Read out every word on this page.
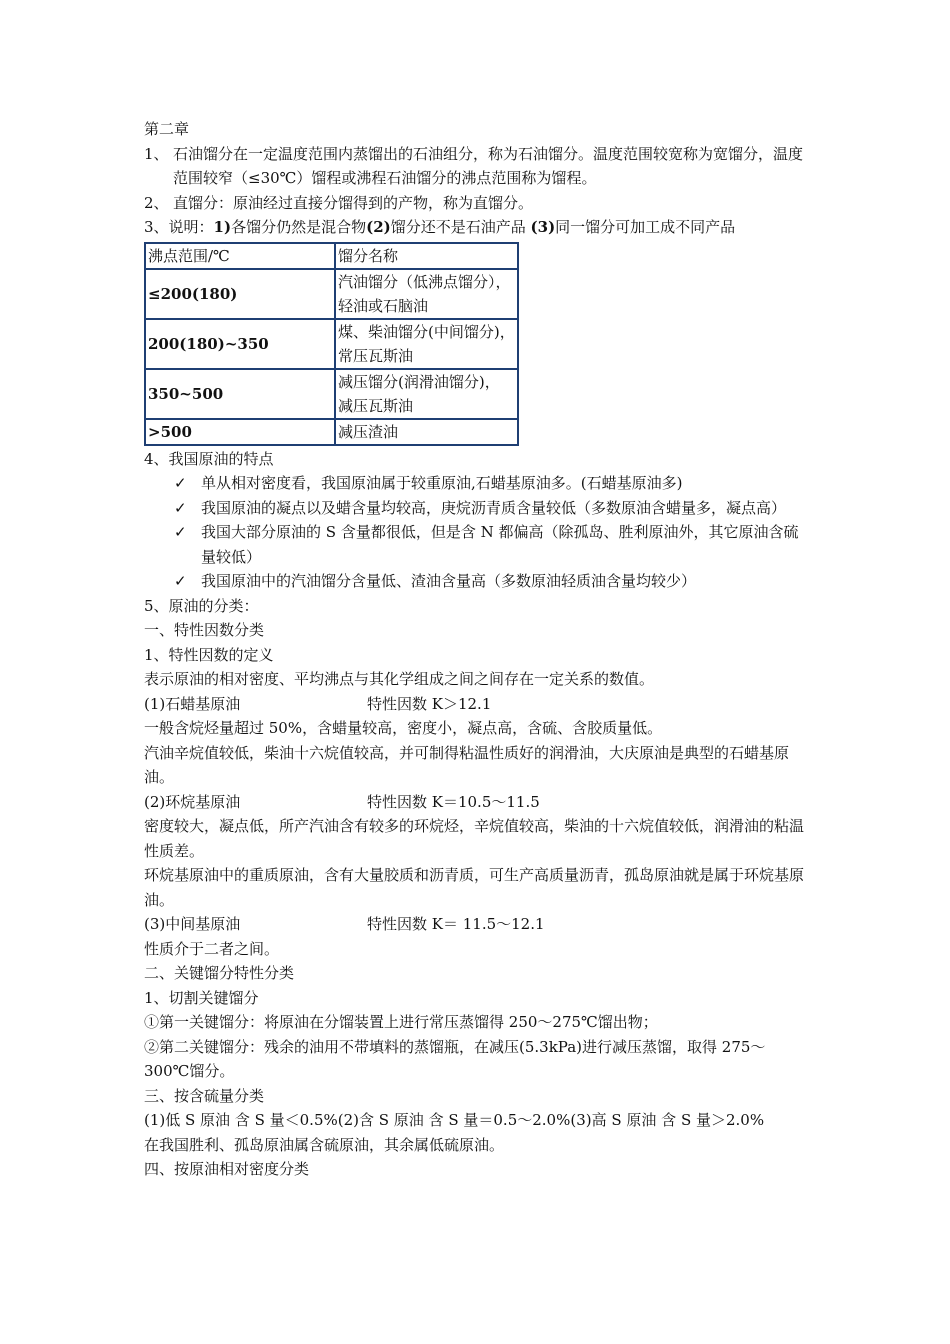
第二章
1、 石油馏分在一定温度范围内蒸馏出的石油组分，称为石油馏分。温度范围较宽称为宽馏分，温度范围较窄（≤30℃）馏程或沸程石油馏分的沸点范围称为馏程。
2、 直馏分：原油经过直接分馏得到的产物，称为直馏分。
3、说明：1)各馏分仍然是混合物(2)馏分还不是石油产品 (3)同一馏分可加工成不同产品
沸点范围/℃	馏分名称
≤200(180)	汽油馏分（低沸点馏分），
轻油或石脑油
200(180)~350	煤、柴油馏分(中间馏分)，
常压瓦斯油
350~500	减压馏分(润滑油馏分)，
减压瓦斯油
>500	减压渣油
4、我国原油的特点
✓ 单从相对密度看，我国原油属于较重原油,石蜡基原油多。(石蜡基原油多)
✓ 我国原油的凝点以及蜡含量均较高，庚烷沥青质含量较低（多数原油含蜡量多，凝点高）
✓ 我国大部分原油的 S 含量都很低，但是含 N 都偏高（除孤岛、胜利原油外，其它原油含硫量较低）
✓ 我国原油中的汽油馏分含量低、渣油含量高（多数原油轻质油含量均较少）
5、原油的分类：
一、特性因数分类
1、特性因数的定义
表示原油的相对密度、平均沸点与其化学组成之间之间存在一定关系的数值。
(1)石蜡基原油	特性因数 K＞12.1
一般含烷烃量超过 50%，含蜡量较高，密度小，凝点高，含硫、含胶质量低。
汽油辛烷值较低，柴油十六烷值较高，并可制得粘温性质好的润滑油，大庆原油是典型的石蜡基原油。
(2)环烷基原油	特性因数 K＝10.5～11.5
密度较大，凝点低，所产汽油含有较多的环烷烃，辛烷值较高，柴油的十六烷值较低，润滑油的粘温性质差。
环烷基原油中的重质原油，含有大量胶质和沥青质，可生产高质量沥青，孤岛原油就是属于环烷基原油。
(3)中间基原油	特性因数 K＝ 11.5～12.1
性质介于二者之间。
二、关键馏分特性分类
1、切割关键馏分
①第一关键馏分：将原油在分馏装置上进行常压蒸馏得 250～275℃馏出物；
②第二关键馏分：残余的油用不带填料的蒸馏瓶，在减压(5.3kPa)进行减压蒸馏，取得 275～300℃馏分。
三、按含硫量分类
(1)低 S 原油 含 S 量＜0.5%(2)含 S 原油 含 S 量＝0.5～2.0%(3)高 S 原油 含 S 量＞2.0%
在我国胜利、孤岛原油属含硫原油，其余属低硫原油。
四、按原油相对密度分类
